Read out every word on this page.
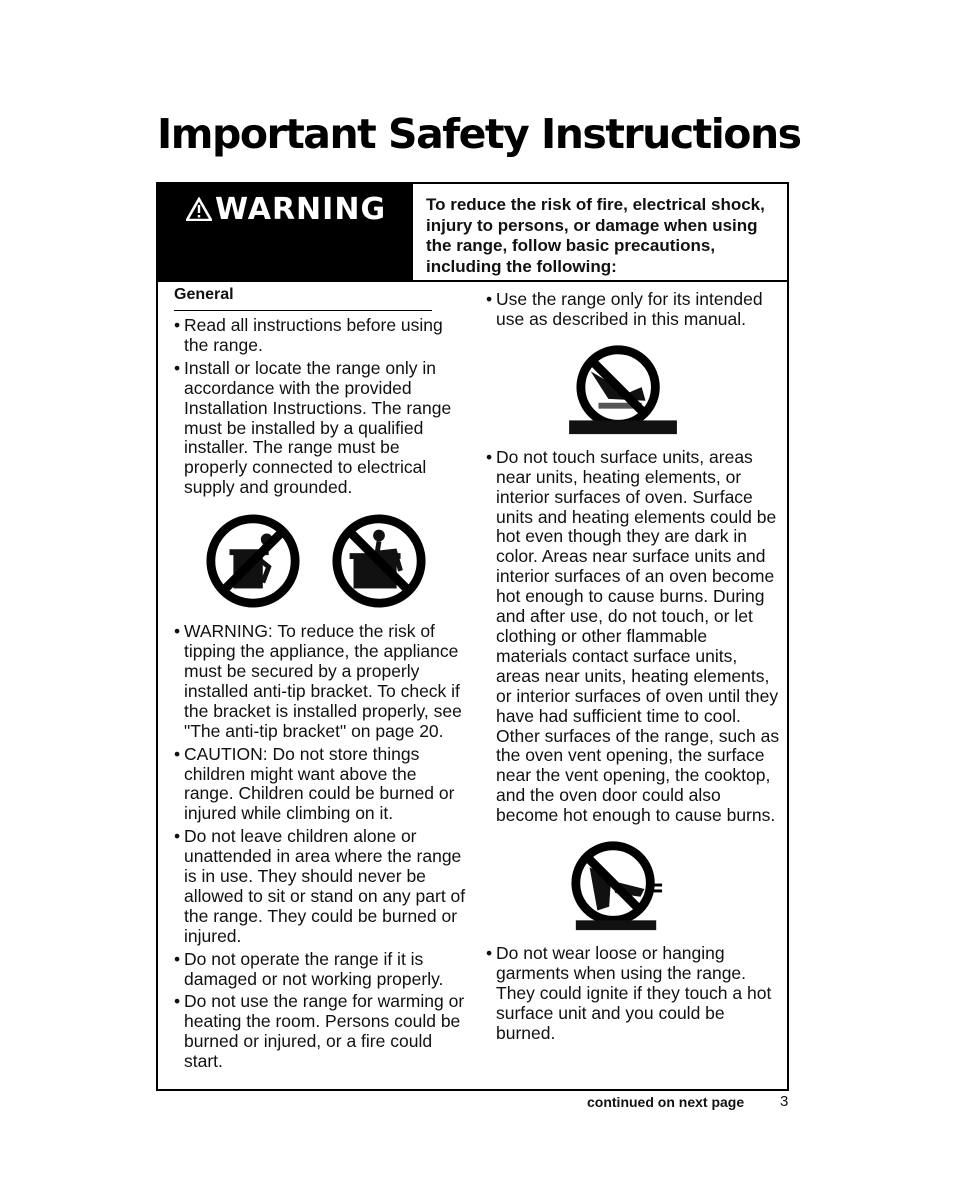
Important Safety Instructions
WARNING To reduce the risk of fire, electrical shock, injury to persons, or damage when using the range, follow basic precautions, including the following:
General

• Read all instructions before using the range.

• Install or locate the range only in accordance with the provided Installation Instructions. The range must be installed by a qualified installer. The range must be properly connected to electrical supply and grounded.

• WARNING: To reduce the risk of tipping the appliance, the appliance must be secured by a properly installed anti-tip bracket. To check if the bracket is installed properly, see "The anti-tip bracket" on page 20.

• CAUTION: Do not store things children might want above the range. Children could be burned or injured while climbing on it.

• Do not leave children alone or unattended in area where the range is in use. They should never be allowed to sit or stand on any part of the range. They could be burned or injured.

• Do not operate the range if it is damaged or not working properly.

• Do not use the range for warming or heating the room. Persons could be burned or injured, or a fire could start.

• Use the range only for its intended use as described in this manual.

• Do not touch surface units, areas near units, heating elements, or interior surfaces of oven. Surface units and heating elements could be hot even though they are dark in color. Areas near surface units and interior surfaces of an oven become hot enough to cause burns. During and after use, do not touch, or let clothing or other flammable materials contact surface units, areas near units, heating elements, or interior surfaces of oven until they have had sufficient time to cool. Other surfaces of the range, such as the oven vent opening, the surface near the vent opening, the cooktop, and the oven door could also become hot enough to cause burns.

• Do not wear loose or hanging garments when using the range. They could ignite if they touch a hot surface unit and you could be burned.

continued on next page 3
